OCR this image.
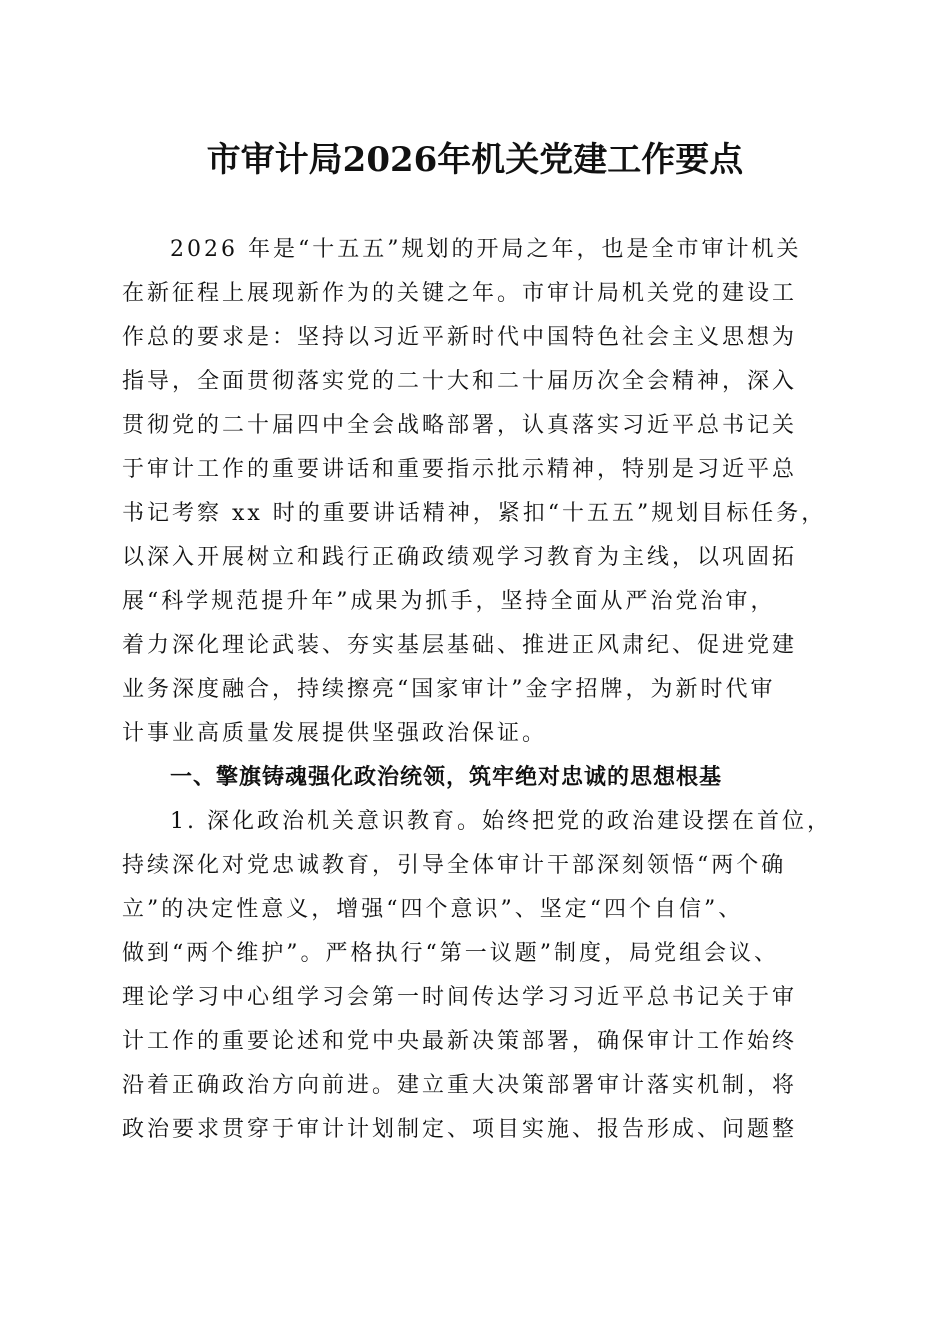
市审计局2026年机关党建工作要点
2026 年是“十五五”规划的开局之年，也是全市审计机关
在新征程上展现新作为的关键之年。市审计局机关党的建设工
作总的要求是：坚持以习近平新时代中国特色社会主义思想为
指导，全面贯彻落实党的二十大和二十届历次全会精神，深入
贯彻党的二十届四中全会战略部署，认真落实习近平总书记关
于审计工作的重要讲话和重要指示批示精神，特别是习近平总
书记考察 xx 时的重要讲话精神，紧扣“十五五”规划目标任务，
以深入开展树立和践行正确政绩观学习教育为主线，以巩固拓
展“科学规范提升年”成果为抓手，坚持全面从严治党治审，
着力深化理论武装、夯实基层基础、推进正风肃纪、促进党建
业务深度融合，持续擦亮“国家审计”金字招牌，为新时代审
计事业高质量发展提供坚强政治保证。
一、擎旗铸魂强化政治统领，筑牢绝对忠诚的思想根基
1. 深化政治机关意识教育。始终把党的政治建设摆在首位，
持续深化对党忠诚教育，引导全体审计干部深刻领悟“两个确
立”的决定性意义，增强“四个意识”、坚定“四个自信”、
做到“两个维护”。严格执行“第一议题”制度，局党组会议、
理论学习中心组学习会第一时间传达学习习近平总书记关于审
计工作的重要论述和党中央最新决策部署，确保审计工作始终
沿着正确政治方向前进。建立重大决策部署审计落实机制，将
政治要求贯穿于审计计划制定、项目实施、报告形成、问题整
